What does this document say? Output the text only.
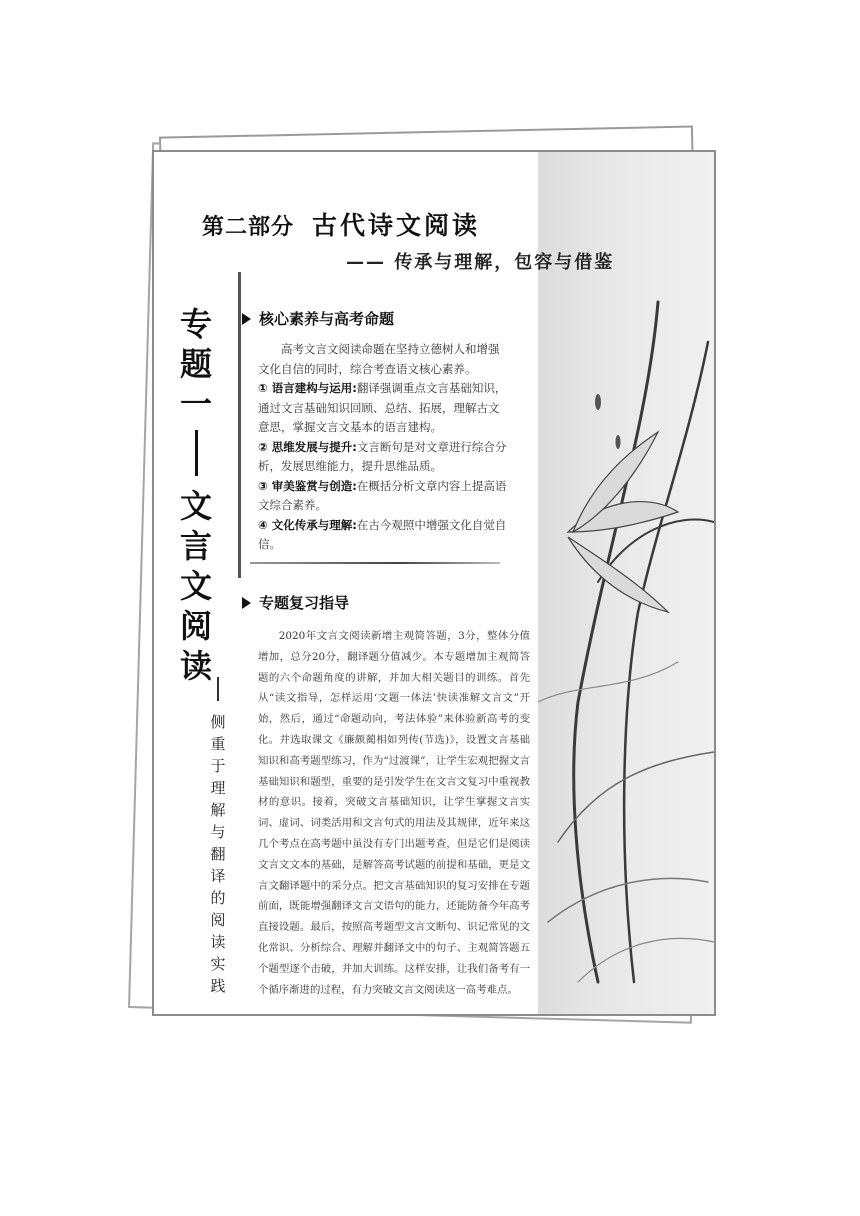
第二部分 古代诗文阅读
—— 传承与理解，包容与借鉴
专
题
一
文
言
文
阅
读
侧
重
于
理
解
与
翻
译
的
阅
读
实
践
核心素养与高考命题

高考文言文阅读命题在坚持立德树人和增强文化自信的同时，综合考查语文核心素养。

① 语言建构与运用:翻译强调重点文言基础知识，通过文言基础知识回顾、总结、拓展，理解古文意思，掌握文言文基本的语言建构。

② 思维发展与提升:文言断句是对文章进行综合分析，发展思维能力，提升思维品质。

③ 审美鉴赏与创造:在概括分析文章内容上提高语文综合素养。

④ 文化传承与理解:在古今观照中增强文化自觉自信。

专题复习指导
2020年文言文阅读新增主观简答题，3分，整体分值增加，总分20分，翻译题分值减少。本专题增加主观简答题的六个命题角度的讲解，并加大相关题目的训练。首先从“读文指导，怎样运用‘文题一体法’快读准解文言文”开始，然后，通过“命题动向，考法体验”来体验新高考的变化。并选取课文《廉颇蔺相如列传(节选)》，设置文言基础知识和高考题型练习，作为“过渡课”，让学生宏观把握文言基础知识和题型，重要的是引发学生在文言文复习中重视教材的意识。接着，突破文言基础知识，让学生掌握文言实词、虚词、词类活用和文言句式的用法及其规律，近年来这几个考点在高考题中虽没有专门出题考查，但是它们是阅读文言文文本的基础，是解答高考试题的前提和基础，更是文言文翻译题中的采分点。把文言基础知识的复习安排在专题前面，既能增强翻译文言文语句的能力，还能防备今年高考直接设题。最后，按照高考题型文言文断句、识记常见的文化常识、分析综合、理解并翻译文中的句子、主观简答题五个题型逐个击破，并加大训练。这样安排，让我们备考有一个循序渐进的过程，有力突破文言文阅读这一高考难点。
